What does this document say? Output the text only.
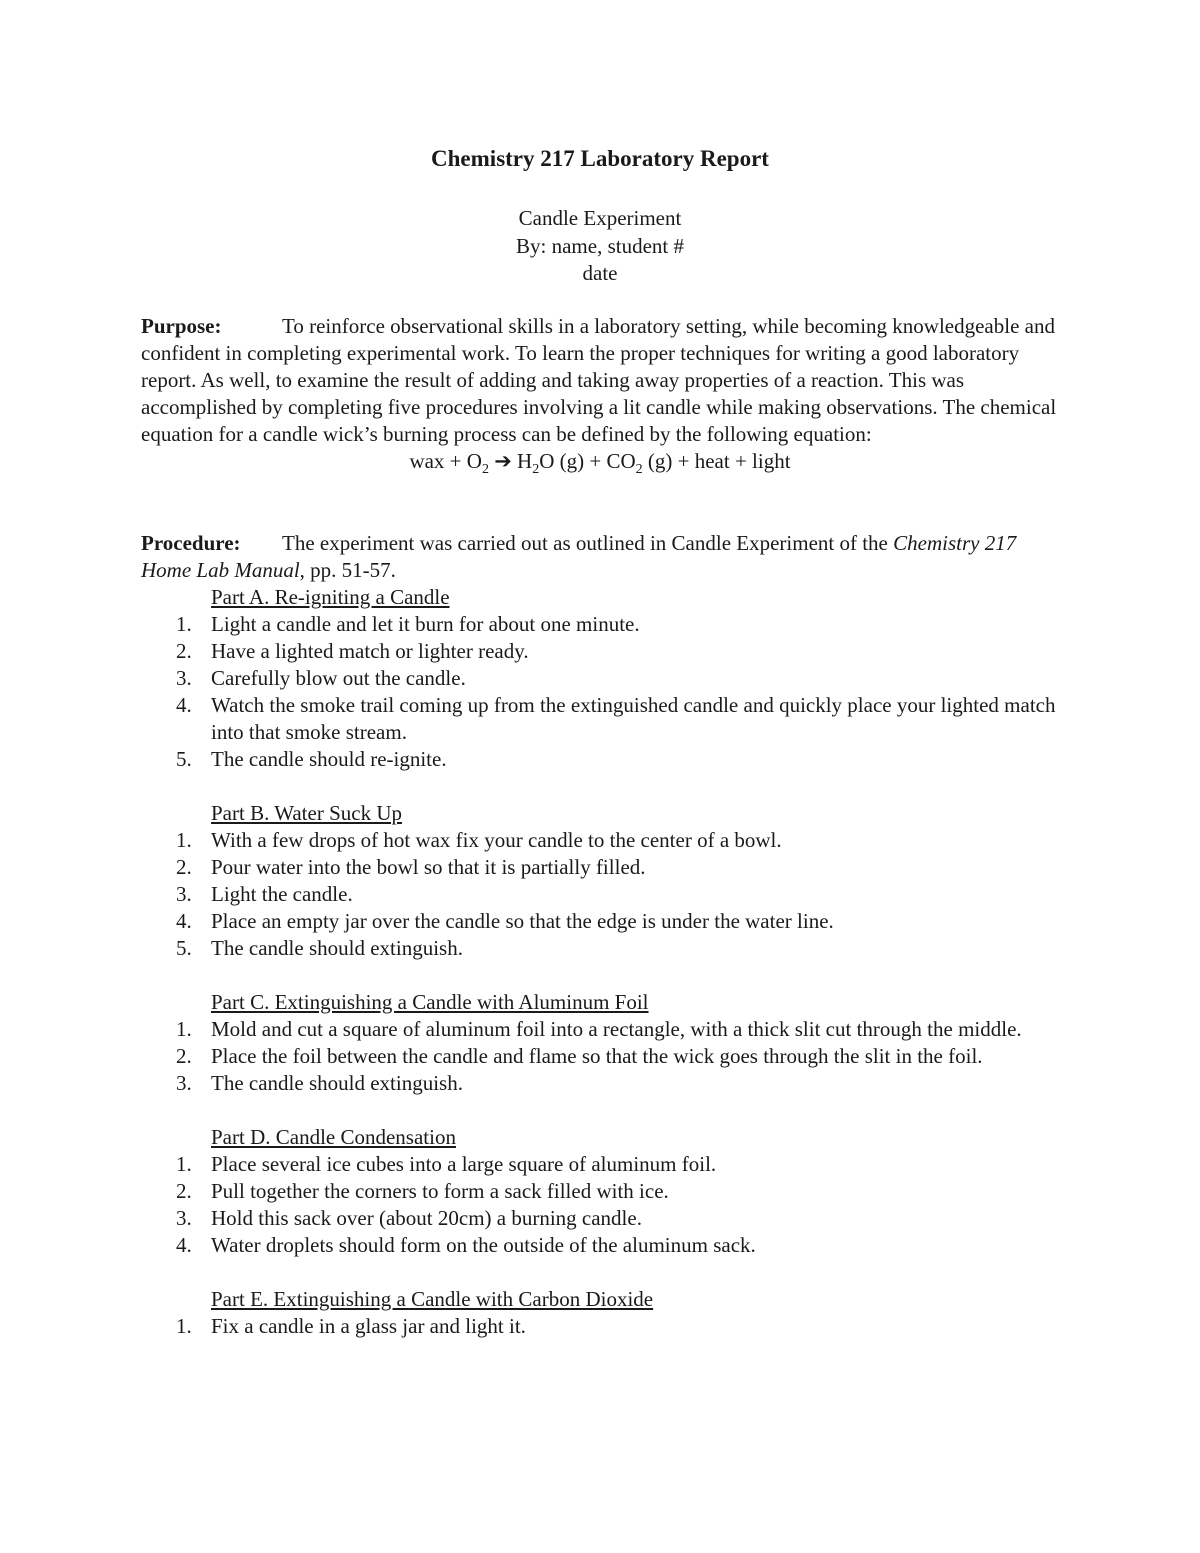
Chemistry 217 Laboratory Report
Candle Experiment
By: name, student #
date
Purpose:	To reinforce observational skills in a laboratory setting, while becoming knowledgeable and confident in completing experimental work. To learn the proper techniques for writing a good laboratory report. As well, to examine the result of adding and taking away properties of a reaction. This was accomplished by completing five procedures involving a lit candle while making observations. The chemical equation for a candle wick’s burning process can be defined by the following equation:
wax + $O_2$ ➔ $H_2O$ $(g) + CO_2$ (g) + heat + light
Procedure: The experiment was carried out as outlined in Candle Experiment of the Chemistry 217 Home Lab Manual, pp. 51-57.
Part A. Re-igniting a Candle
1. Light a candle and let it burn for about one minute.
2. Have a lighted match or lighter ready.
3. Carefully blow out the candle.
4. Watch the smoke trail coming up from the extinguished candle and quickly place your lighted match into that smoke stream.
5. The candle should re-ignite.
Part B. Water Suck Up
1. With a few drops of hot wax fix your candle to the center of a bowl.
2. Pour water into the bowl so that it is partially filled.
3. Light the candle.
4. Place an empty jar over the candle so that the edge is under the water line.
5. The candle should extinguish.
Part C. Extinguishing a Candle with Aluminum Foil
1. Mold and cut a square of aluminum foil into a rectangle, with a thick slit cut through the middle.
2. Place the foil between the candle and flame so that the wick goes through the slit in the foil.
3. The candle should extinguish.
Part D. Candle Condensation
1. Place several ice cubes into a large square of aluminum foil.
2. Pull together the corners to form a sack filled with ice.
3. Hold this sack over (about 20cm) a burning candle.
4. Water droplets should form on the outside of the aluminum sack.
Part E. Extinguishing a Candle with Carbon Dioxide
1. Fix a candle in a glass jar and light it.
